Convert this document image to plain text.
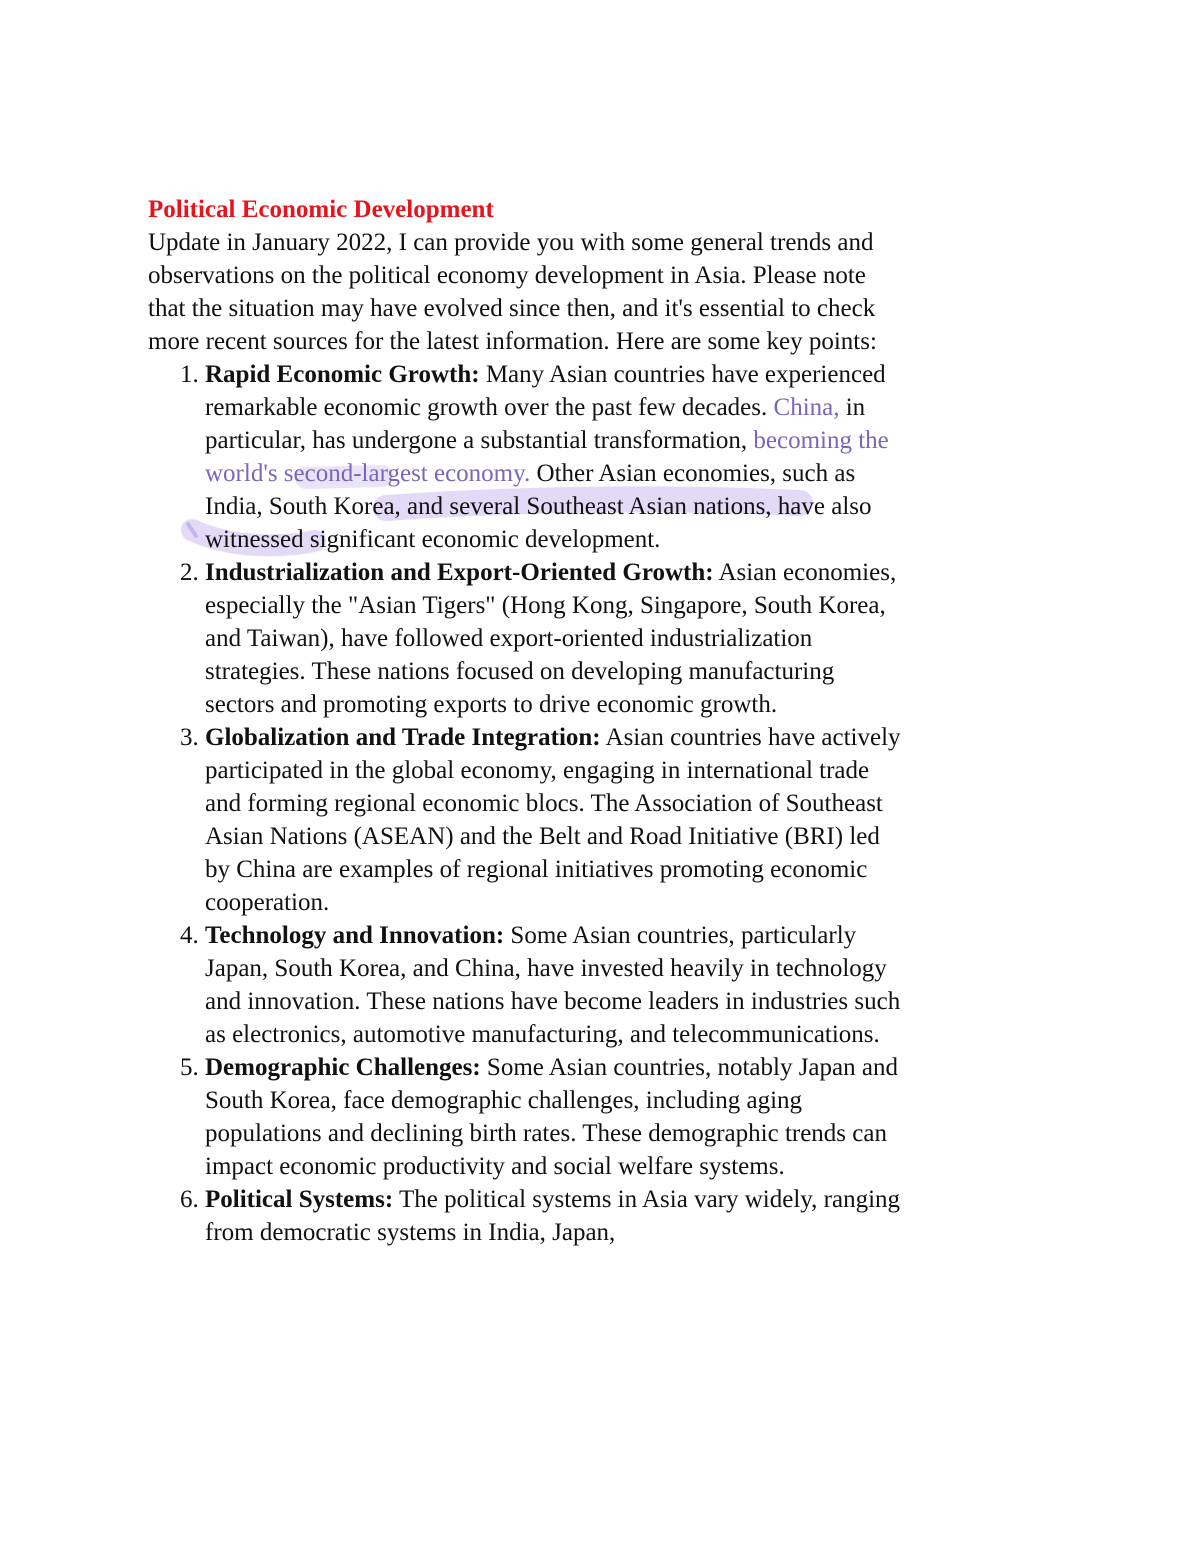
Political Economic Development

Update in January 2022, I can provide you with some general trends and observations on the political economy development in Asia. Please note that the situation may have evolved since then, and it's essential to check more recent sources for the latest information. Here are some key points:

1. Rapid Economic Growth: Many Asian countries have experienced remarkable economic growth over the past few decades. China, in particular, has undergone a substantial transformation, becoming the world's second-largest economy. Other Asian economies, such as India, South Korea, and several Southeast Asian nations, have also witnessed significant economic development.
2. Industrialization and Export-Oriented Growth: Asian economies, especially the "Asian Tigers" (Hong Kong, Singapore, South Korea, and Taiwan), have followed export-oriented industrialization strategies. These nations focused on developing manufacturing sectors and promoting exports to drive economic growth.
3. Globalization and Trade Integration: Asian countries have actively participated in the global economy, engaging in international trade and forming regional economic blocs. The Association of Southeast Asian Nations (ASEAN) and the Belt and Road Initiative (BRI) led by China are examples of regional initiatives promoting economic cooperation.
4. Technology and Innovation: Some Asian countries, particularly Japan, South Korea, and China, have invested heavily in technology and innovation. These nations have become leaders in industries such as electronics, automotive manufacturing, and telecommunications.
5. Demographic Challenges: Some Asian countries, notably Japan and South Korea, face demographic challenges, including aging populations and declining birth rates. These demographic trends can impact economic productivity and social welfare systems.
6. Political Systems: The political systems in Asia vary widely, ranging from democratic systems in India, Japan,
